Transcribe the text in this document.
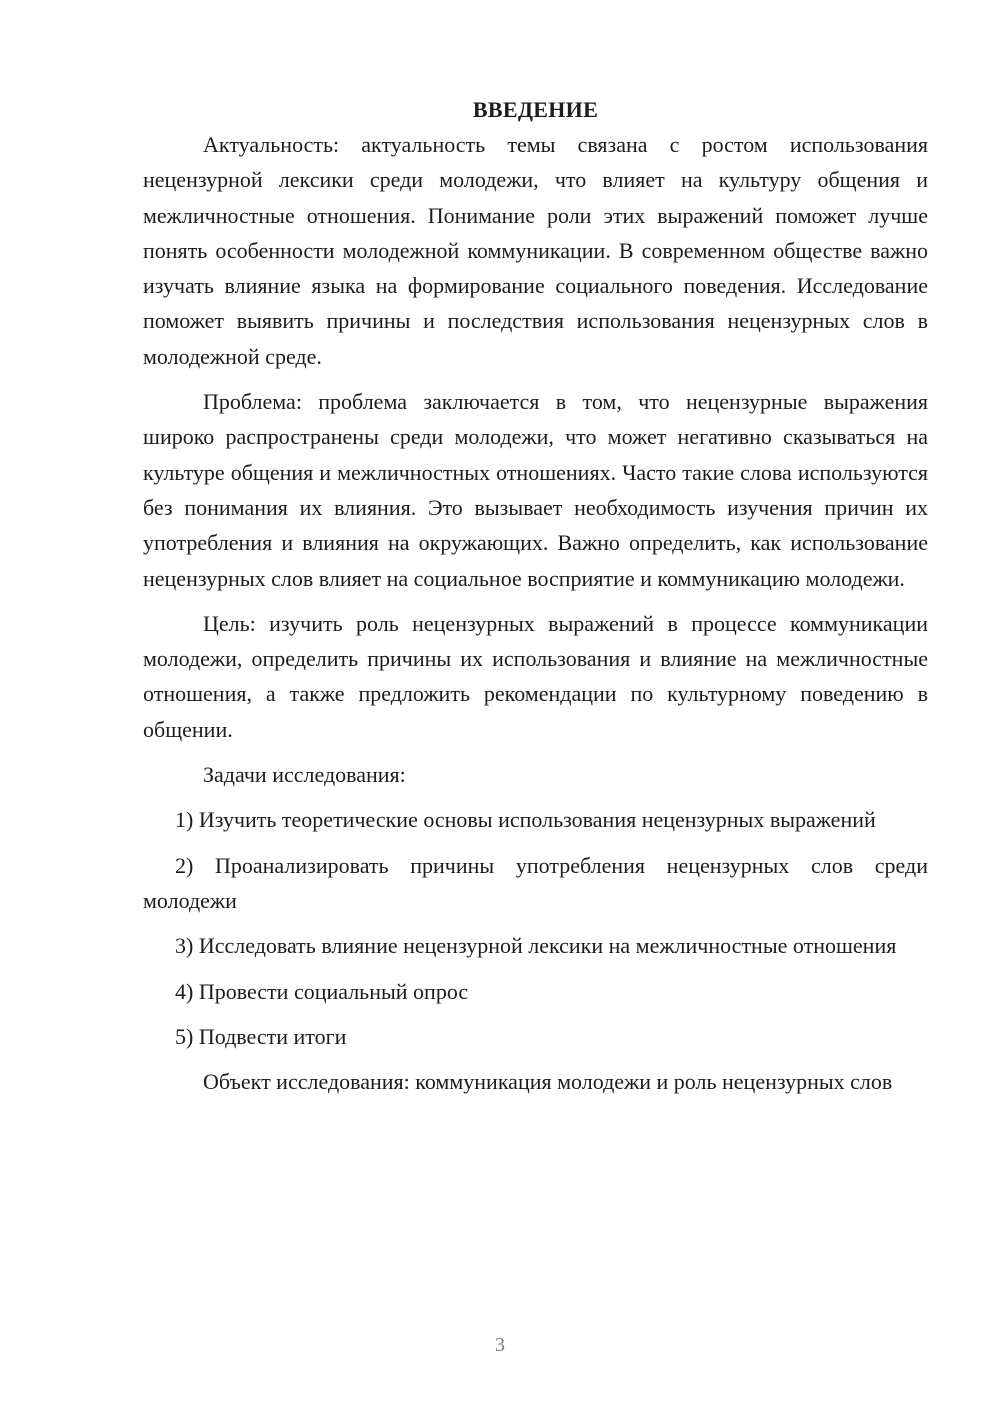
ВВЕДЕНИЕ

Актуальность: актуальность темы связана с ростом использования нецензурной лексики среди молодежи, что влияет на культуру общения и межличностные отношения. Понимание роли этих выражений поможет лучше понять особенности молодежной коммуникации. В современном обществе важно изучать влияние языка на формирование социального поведения. Исследование поможет выявить причины и последствия использования нецензурных слов в молодежной среде.

Проблема: проблема заключается в том, что нецензурные выражения широко распространены среди молодежи, что может негативно сказываться на культуре общения и межличностных отношениях. Часто такие слова используются без понимания их влияния. Это вызывает необходимость изучения причин их употребления и влияния на окружающих. Важно определить, как использование нецензурных слов влияет на социальное восприятие и коммуникацию молодежи.

Цель: изучить роль нецензурных выражений в процессе коммуникации молодежи, определить причины их использования и влияние на межличностные отношения, а также предложить рекомендации по культурному поведению в общении.

Задачи исследования:

1) Изучить теоретические основы использования нецензурных выражений

2) Проанализировать причины употребления нецензурных слов среди молодежи

3) Исследовать влияние нецензурной лексики на межличностные отношения

4) Провести социальный опрос

5) Подвести итоги

Объект исследования: коммуникация молодежи и роль нецензурных слов

3
